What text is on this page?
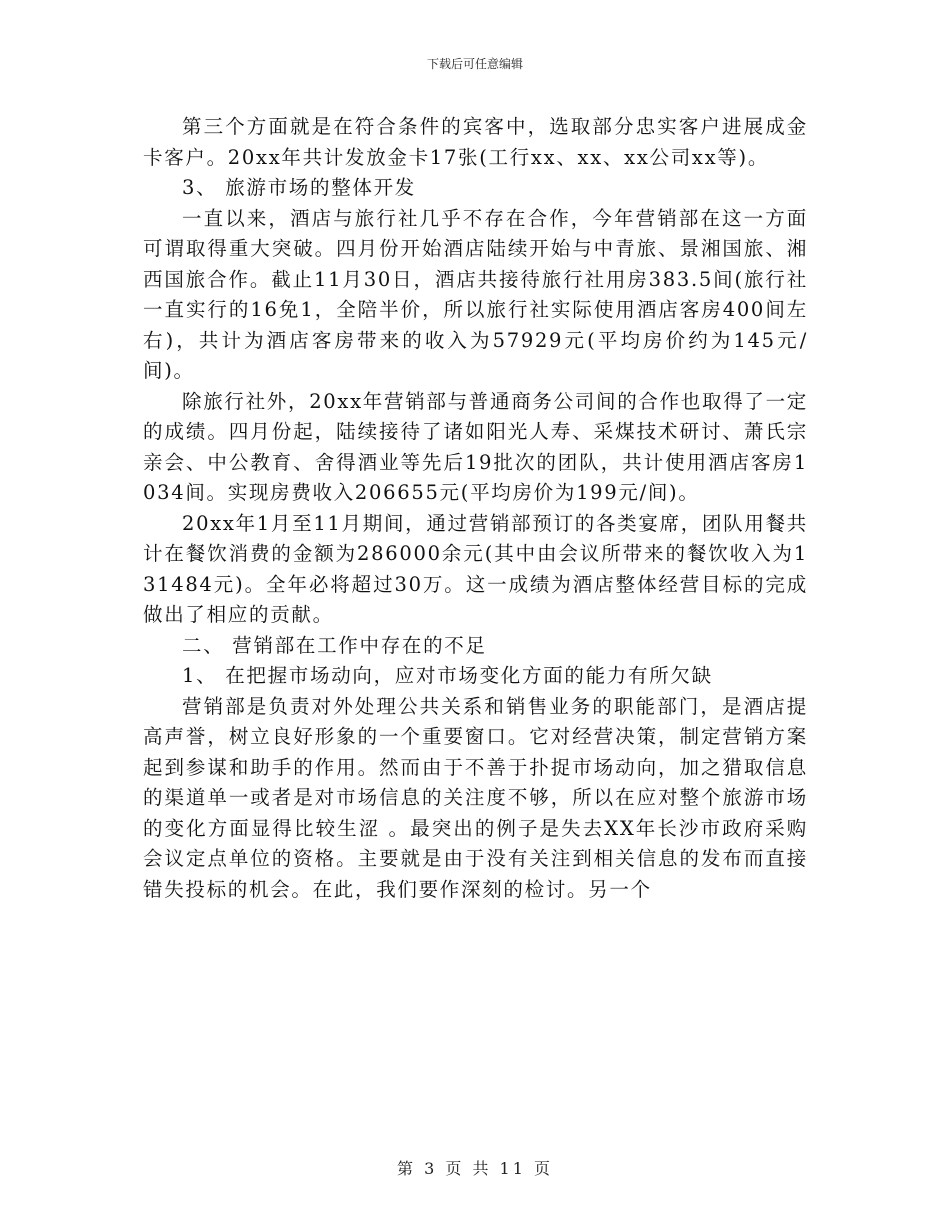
下载后可任意编辑

第三个方面就是在符合条件的宾客中，选取部分忠实客户进展成金卡客户。20xx年共计发放金卡17张(工行xx、xx、xx公司xx等)。

3、 旅游市场的整体开发

一直以来，酒店与旅行社几乎不存在合作，今年营销部在这一方面可谓取得重大突破。四月份开始酒店陆续开始与中青旅、景湘国旅、湘西国旅合作。截止11月30日，酒店共接待旅行社用房383.5间(旅行社一直实行的16免1，全陪半价，所以旅行社实际使用酒店客房400间左右)，共计为酒店客房带来的收入为57929元(平均房价约为145元/间)。

除旅行社外，20xx年营销部与普通商务公司间的合作也取得了一定的成绩。四月份起，陆续接待了诸如阳光人寿、采煤技术研讨、萧氏宗亲会、中公教育、舍得酒业等先后19批次的团队，共计使用酒店客房1034间。实现房费收入206655元(平均房价为199元/间)。

20xx年1月至11月期间，通过营销部预订的各类宴席，团队用餐共计在餐饮消费的金额为286000余元(其中由会议所带来的餐饮收入为131484元)。全年必将超过30万。这一成绩为酒店整体经营目标的完成做出了相应的贡献。

二、 营销部在工作中存在的不足

1、 在把握市场动向，应对市场变化方面的能力有所欠缺

营销部是负责对外处理公共关系和销售业务的职能部门，是酒店提高声誉，树立良好形象的一个重要窗口。它对经营决策，制定营销方案起到参谋和助手的作用。然而由于不善于扑捉市场动向，加之猎取信息的渠道单一或者是对市场信息的关注度不够，所以在应对整个旅游市场的变化方面显得比较生涩 。最突出的例子是失去XX年长沙市政府采购会议定点单位的资格。主要就是由于没有关注到相关信息的发布而直接错失投标的机会。在此，我们要作深刻的检讨。另一个

第 3 页 共 11 页
